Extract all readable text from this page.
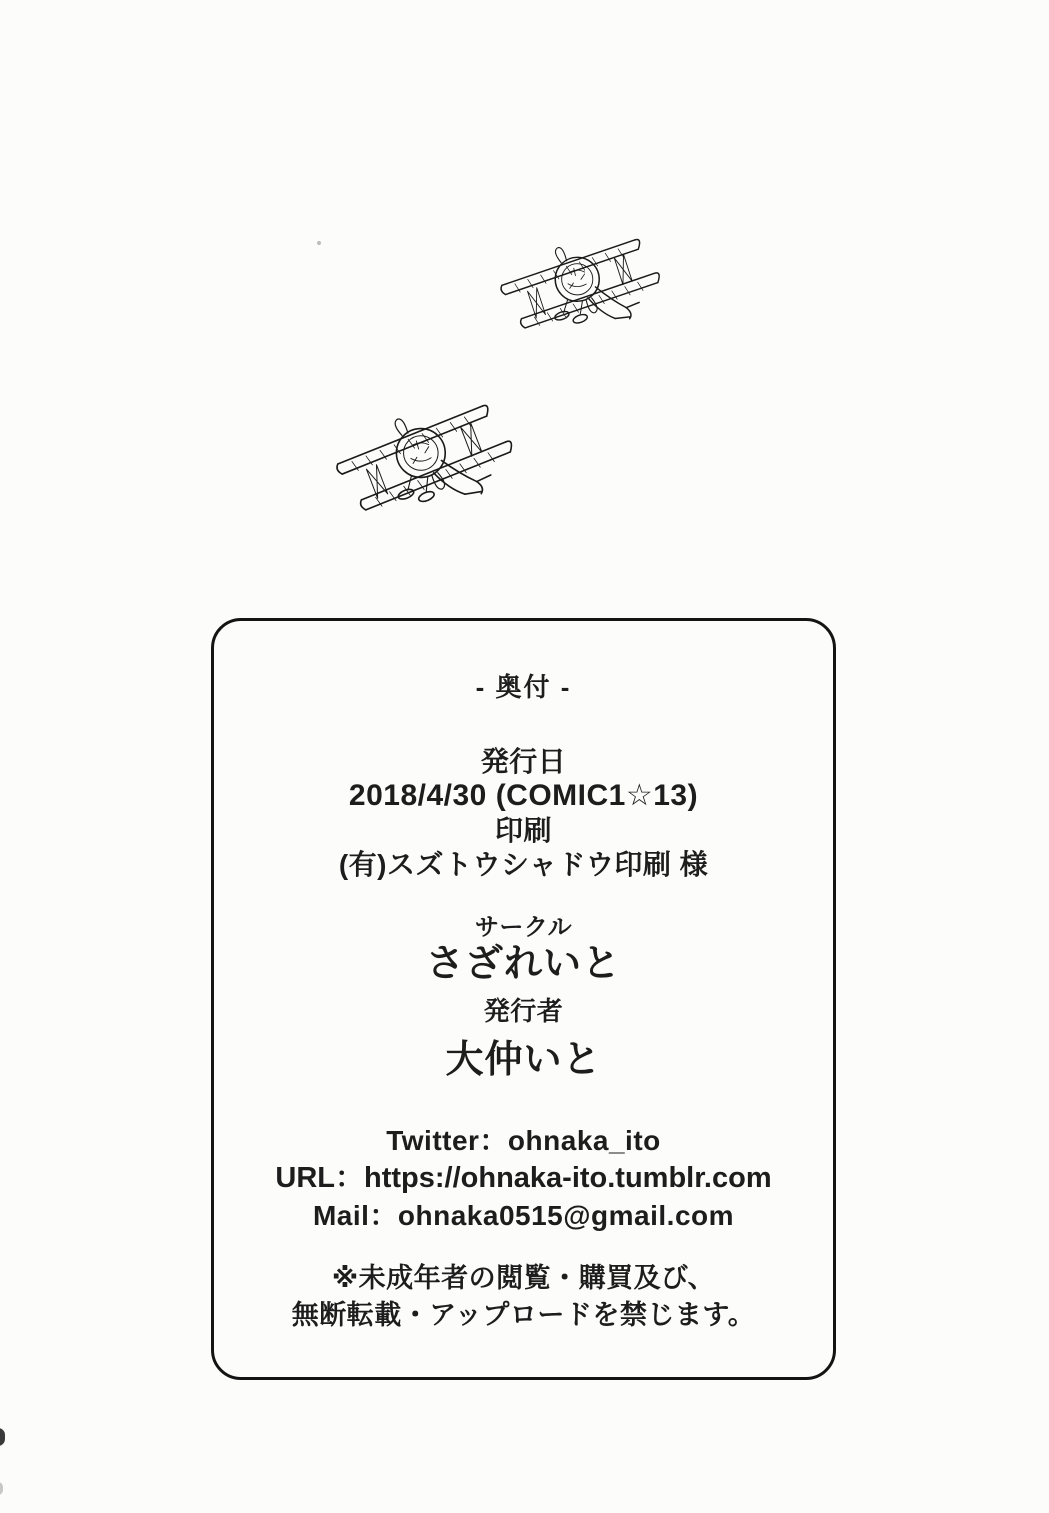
- 奥付 -
発行日
2018/4/30 (COMIC1☆13)
印刷
(有)スズトウシャドウ印刷 様
サークル
さざれいと
発行者
大仲いと
Twitter：ohnaka_ito
URL：https://ohnaka-ito.tumblr.com
Mail：ohnaka0515@gmail.com
※未成年者の閲覧・購買及び、
無断転載・アップロードを禁じます。
